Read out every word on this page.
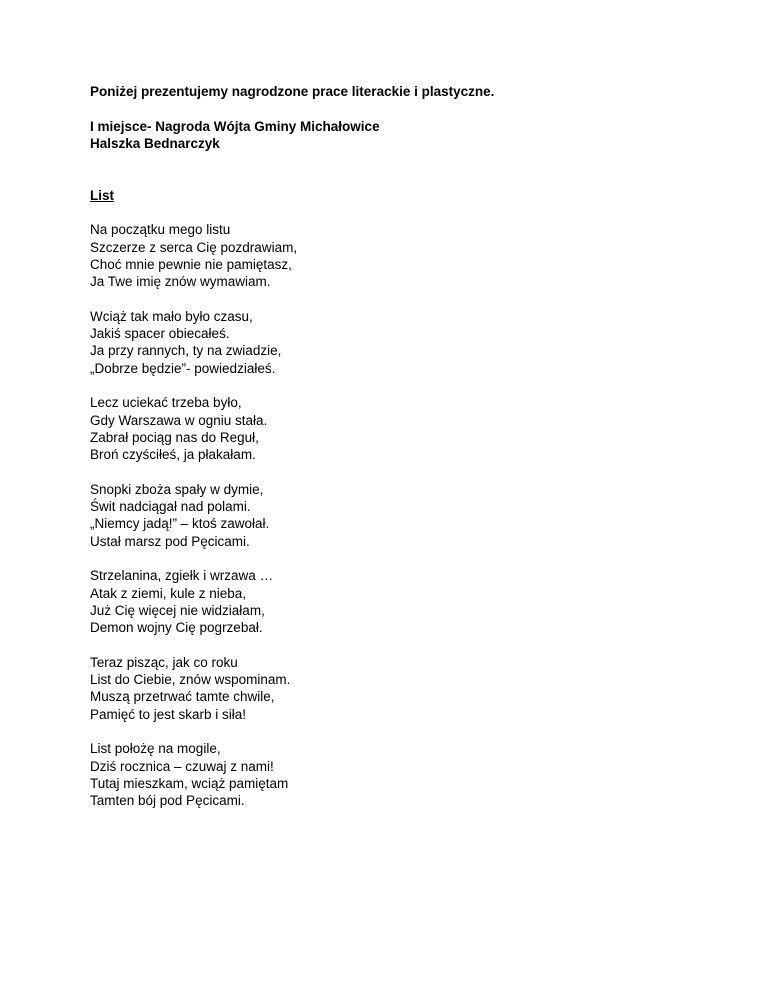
Poniżej prezentujemy nagrodzone prace literackie i plastyczne.
I miejsce- Nagroda Wójta Gminy Michałowice
Halszka Bednarczyk
List
Na początku mego listu
Szczerze z serca Cię pozdrawiam,
Choć mnie pewnie nie pamiętasz,
Ja Twe imię znów wymawiam.
Wciąż tak mało było czasu,
Jakiś spacer obiecałeś.
Ja przy rannych, ty na zwiadzie,
„Dobrze będzie”- powiedziałeś.
Lecz uciekać trzeba było,
Gdy Warszawa w ogniu stała.
Zabrał pociąg nas do Reguł,
Broń czyściłeś, ja płakałam.
Snopki zboża spały w dymie,
Świt nadciągał nad polami.
„Niemcy jadą!” – ktoś zawołał.
Ustał marsz pod Pęcicami.
Strzelanina, zgiełk i wrzawa …
Atak z ziemi, kule z nieba,
Już Cię więcej nie widziałam,
Demon wojny Cię pogrzebał.
Teraz pisząc, jak co roku
List do Ciebie, znów wspominam.
Muszą przetrwać tamte chwile,
Pamięć to jest skarb i siła!
List położę na mogile,
Dziś rocznica – czuwaj z nami!
Tutaj mieszkam, wciąż pamiętam
Tamten bój pod Pęcicami.
